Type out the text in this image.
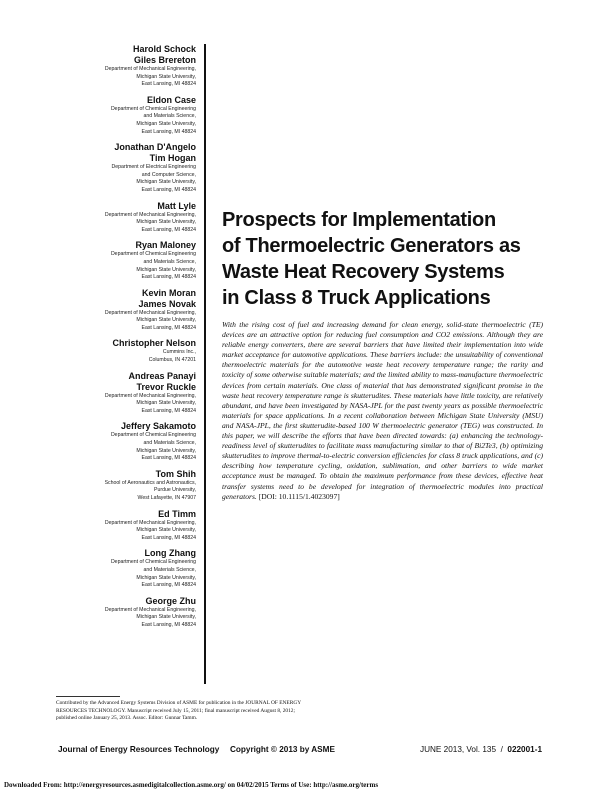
Harold Schock
Giles Brereton
Department of Mechanical Engineering,
Michigan State University,
East Lansing, MI 48824
Eldon Case
Department of Chemical Engineering
and Materials Science,
Michigan State University,
East Lansing, MI 48824
Jonathan D'Angelo
Tim Hogan
Department of Electrical Engineering
and Computer Science,
Michigan State University,
East Lansing, MI 48824
Matt Lyle
Department of Mechanical Engineering,
Michigan State University,
East Lansing, MI 48824
Ryan Maloney
Department of Chemical Engineering
and Materials Science,
Michigan State University,
East Lansing, MI 48824
Kevin Moran
James Novak
Department of Mechanical Engineering,
Michigan State University,
East Lansing, MI 48824
Christopher Nelson
Cummins Inc.,
Columbus, IN 47201
Andreas Panayi
Trevor Ruckle
Department of Mechanical Engineering,
Michigan State University,
East Lansing, MI 48824
Jeffery Sakamoto
Department of Chemical Engineering
and Materials Science,
Michigan State University,
East Lansing, MI 48824
Tom Shih
School of Aeronautics and Astronautics,
Purdue University,
West Lafayette, IN 47907
Ed Timm
Department of Mechanical Engineering,
Michigan State University,
East Lansing, MI 48824
Long Zhang
Department of Chemical Engineering
and Materials Science,
Michigan State University,
East Lansing, MI 48824
George Zhu
Department of Mechanical Engineering,
Michigan State University,
East Lansing, MI 48824
Prospects for Implementation
of Thermoelectric Generators as
Waste Heat Recovery Systems
in Class 8 Truck Applications
With the rising cost of fuel and increasing demand for clean energy, solid-state thermoelectric (TE) devices are an attractive option for reducing fuel consumption and CO2 emissions. Although they are reliable energy converters, there are several barriers that have limited their implementation into wide market acceptance for automotive applications. These barriers include: the unsuitability of conventional thermoelectric materials for the automotive waste heat recovery temperature range; the rarity and toxicity of some otherwise suitable materials; and the limited ability to mass-manufacture thermoelectric devices from certain materials. One class of material that has demonstrated significant promise in the waste heat recovery temperature range is skutterudites. These materials have little toxicity, are relatively abundant, and have been investigated by NASA-JPL for the past twenty years as possible thermoelectric materials for space applications. In a recent collaboration between Michigan State University (MSU) and NASA-JPL, the first skutterudite-based 100 W thermoelectric generator (TEG) was constructed. In this paper, we will describe the efforts that have been directed towards: (a) enhancing the technology-readiness level of skutterudites to facilitate mass manufacturing similar to that of Bi2Te3, (b) optimizing skutterudites to improve thermal-to-electric conversion efficiencies for class 8 truck applications, and (c) describing how temperature cycling, oxidation, sublimation, and other barriers to wide market acceptance must be managed. To obtain the maximum performance from these devices, effective heat transfer systems need to be developed for integration of thermoelectric modules into practical generators. [DOI: 10.1115/1.4023097]
Contributed by the Advanced Energy Systems Division of ASME for publication in the JOURNAL OF ENERGY RESOURCES TECHNOLOGY. Manuscript received July 15, 2011; final manuscript received August 8, 2012; published online January 25, 2013. Assoc. Editor: Gunnar Tamm.
Journal of Energy Resources Technology Copyright © 2013 by ASME	JUNE 2013, Vol. 135  /  022001-1
Downloaded From: http://energyresources.asmedigitalcollection.asme.org/ on 04/02/2015 Terms of Use: http://asme.org/terms
